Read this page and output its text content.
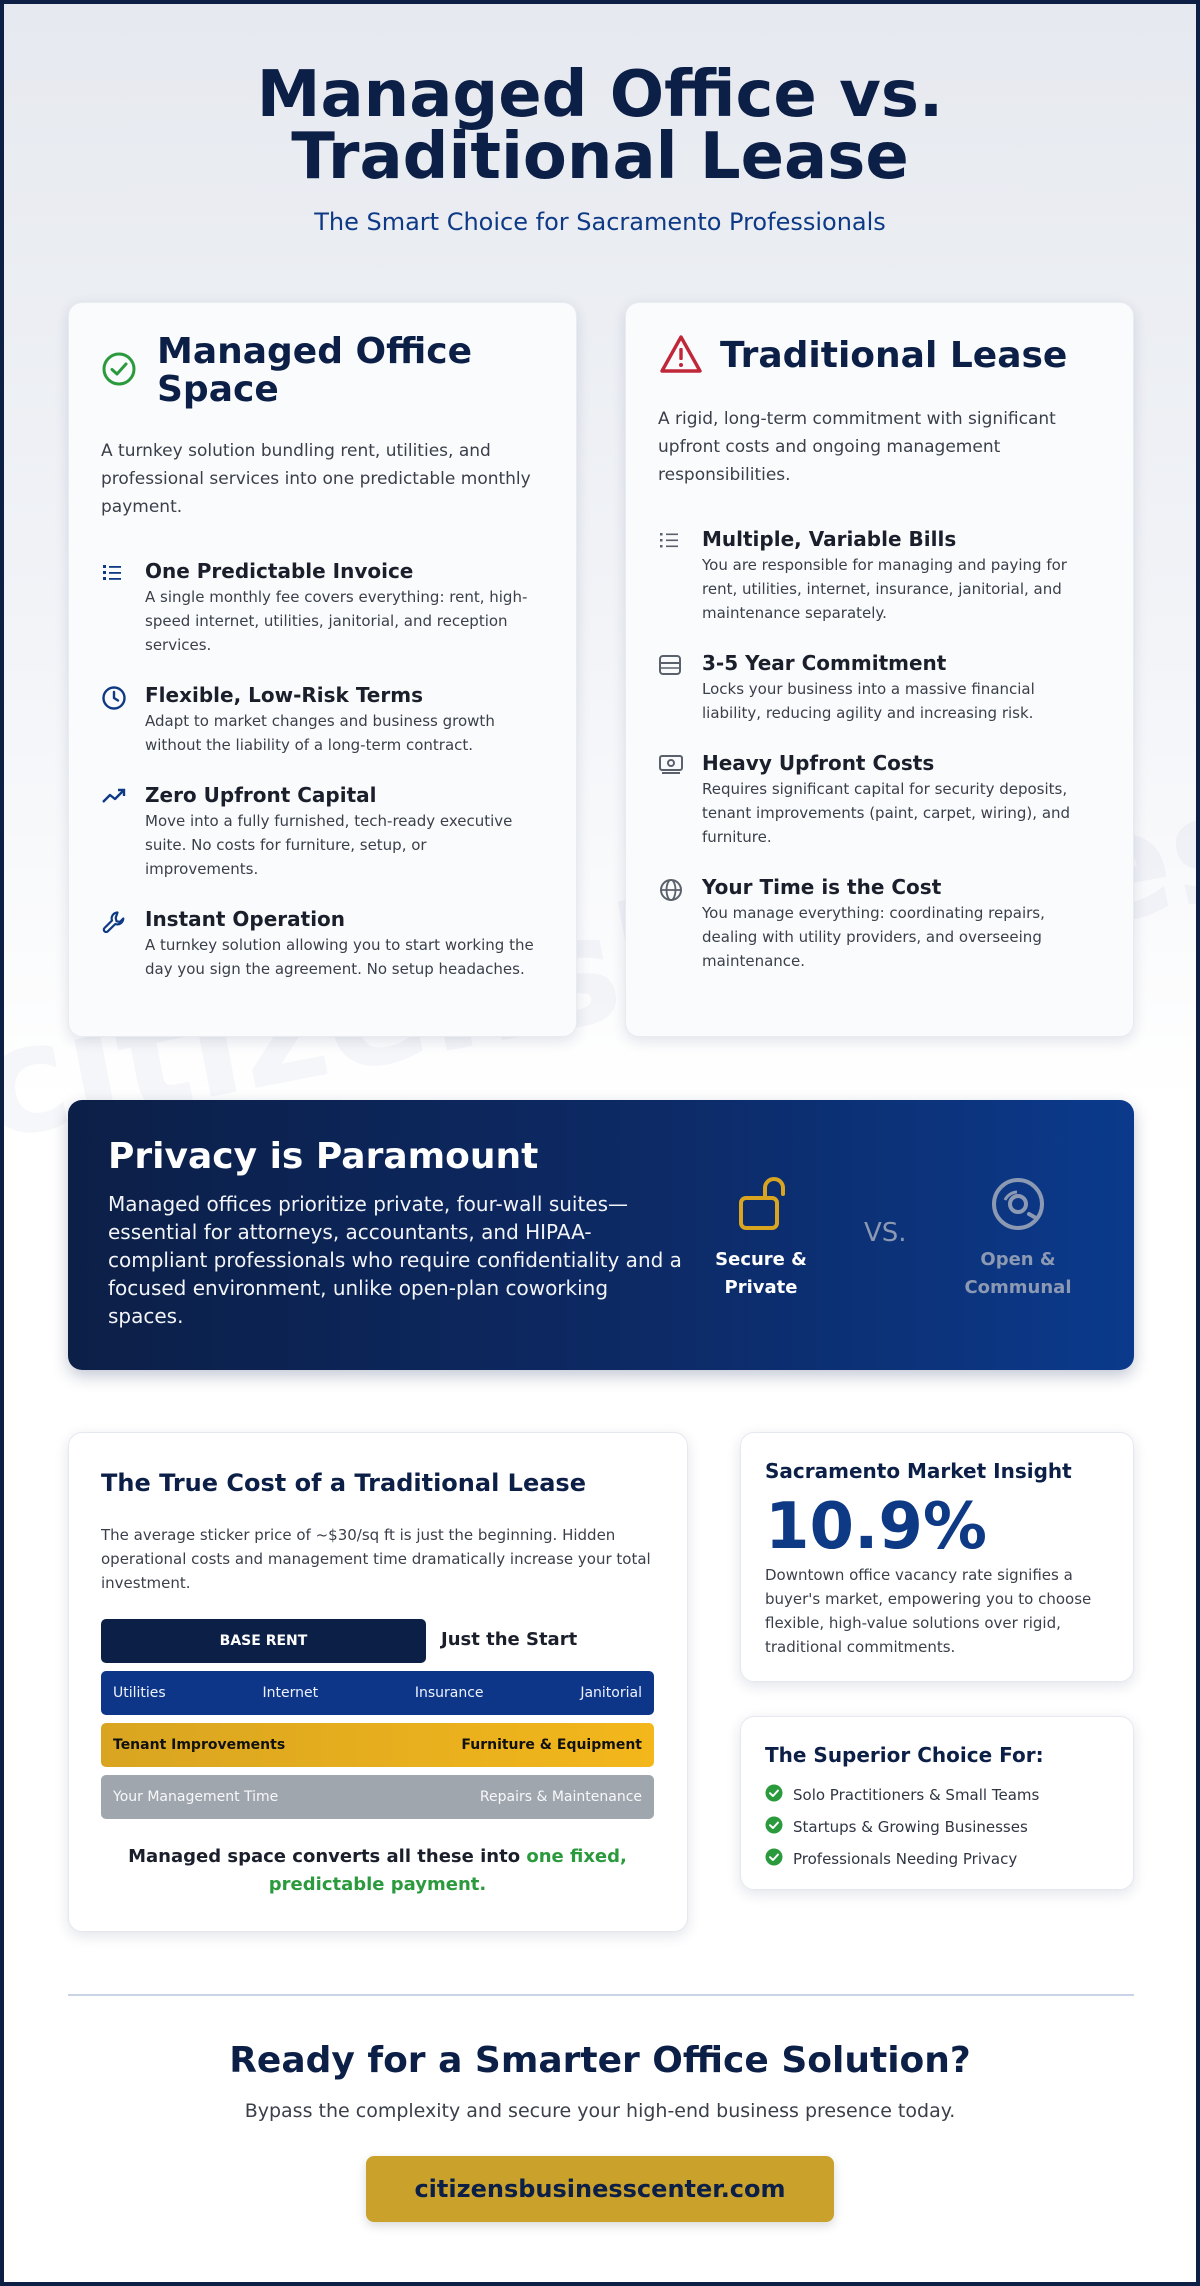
Managed Office vs. Traditional Lease

The Smart Choice for Sacramento Professionals

Managed Office Space

A turnkey solution bundling rent, utilities, and professional services into one predictable monthly payment.

One Predictable Invoice

A single monthly fee covers everything: rent, high-speed internet, utilities, janitorial, and reception services.

Flexible, Low-Risk Terms

Adapt to market changes and business growth without the liability of a long-term contract.

Zero Upfront Capital

Move into a fully furnished, tech-ready executive suite. No costs for furniture, setup, or improvements.

Instant Operation

A turnkey solution allowing you to start working the day you sign the agreement. No setup headaches.

Traditional Lease

A rigid, long-term commitment with significant upfront costs and ongoing management responsibilities.

Multiple, Variable Bills

You are responsible for managing and paying for rent, utilities, internet, insurance, janitorial, and maintenance separately.

3-5 Year Commitment

Locks your business into a massive financial liability, reducing agility and increasing risk.

Heavy Upfront Costs

Requires significant capital for security deposits, tenant improvements (paint, carpet, wiring), and furniture.

Your Time is the Cost

You manage everything: coordinating repairs, dealing with utility providers, and overseeing maintenance.

Privacy is Paramount

Managed offices prioritize private, four-wall suites—essential for attorneys, accountants, and HIPAA-compliant professionals who require confidentiality and a focused environment, unlike open-plan coworking spaces.

Secure & Private
VS.
Open & Communal
The True Cost of a Traditional Lease

The average sticker price of ~$30/sq ft is just the beginning. Hidden operational costs and management time dramatically increase your total investment.

BASE RENT	Just the Start
Utilities	Internet	Insurance	Janitorial
Tenant Improvements	Furniture & Equipment
Your Management Time	Repairs & Maintenance
Managed space converts all these into one fixed, predictable payment.
Sacramento Market Insight
10.9%

Downtown office vacancy rate signifies a buyer's market, empowering you to choose flexible, high-value solutions over rigid, traditional commitments.

The Superior Choice For:
Solo Practitioners & Small Teams
Startups & Growing Businesses
Professionals Needing Privacy
Ready for a Smarter Office Solution?
Bypass the complexity and secure your high-end business presence today.
citizensbusinesscenter.com
